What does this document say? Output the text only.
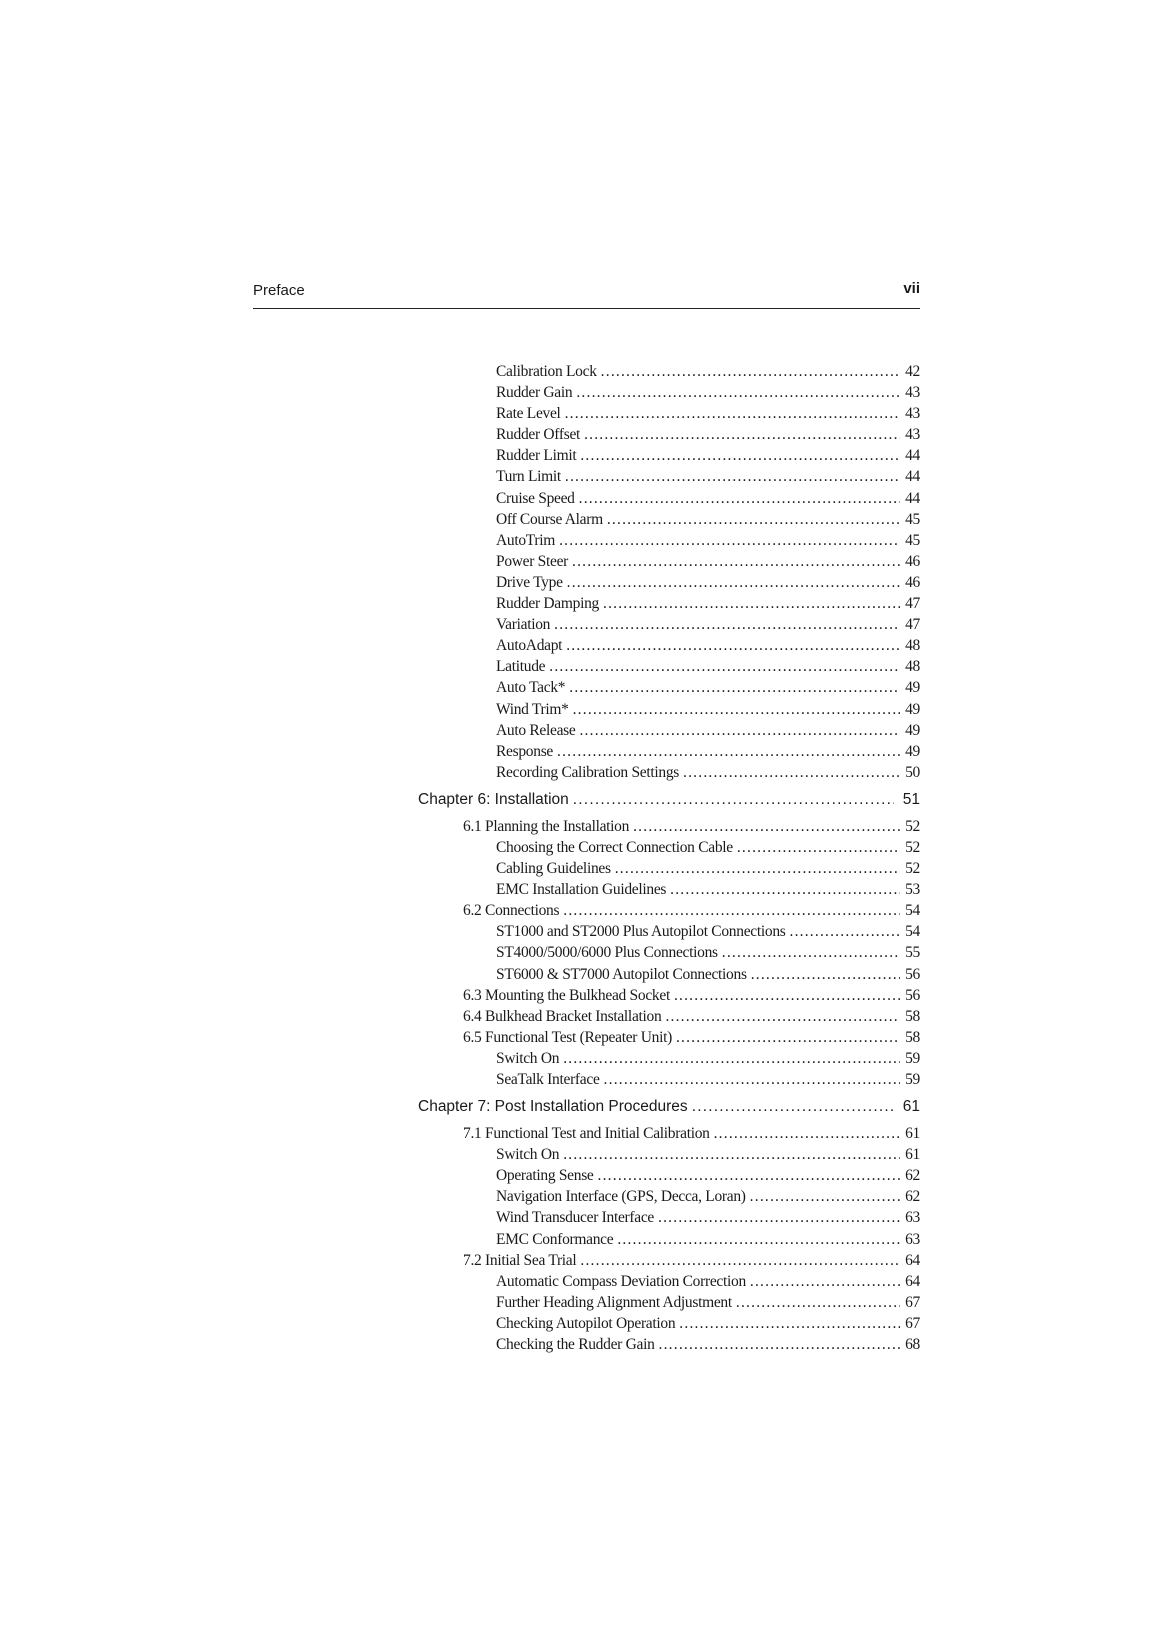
Preface	vii
Calibration Lock .....	42
Rudder Gain .....	43
Rate Level .....	43
Rudder Offset .....	43
Rudder Limit .....	44
Turn Limit .....	44
Cruise Speed .....	44
Off Course Alarm .....	45
AutoTrim .....	45
Power Steer .....	46
Drive Type .....	46
Rudder Damping .....	47
Variation .....	47
AutoAdapt .....	48
Latitude .....	48
Auto Tack* .....	49
Wind Trim* .....	49
Auto Release .....	49
Response .....	49
Recording Calibration Settings .....	50
Chapter 6: Installation .....	51
6.1 Planning the Installation .....	52
Choosing the Correct Connection Cable .....	52
Cabling Guidelines .....	52
EMC Installation Guidelines .....	53
6.2 Connections .....	54
ST1000 and ST2000 Plus Autopilot Connections .....	54
ST4000/5000/6000 Plus Connections .....	55
ST6000 & ST7000 Autopilot Connections .....	56
6.3 Mounting the Bulkhead Socket .....	56
6.4 Bulkhead Bracket Installation .....	58
6.5 Functional Test (Repeater Unit) .....	58
Switch On .....	59
SeaTalk Interface .....	59
Chapter 7: Post Installation Procedures .....	61
7.1 Functional Test and Initial Calibration .....	61
Switch On .....	61
Operating Sense .....	62
Navigation Interface (GPS, Decca, Loran) .....	62
Wind Transducer Interface .....	63
EMC Conformance .....	63
7.2 Initial Sea Trial .....	64
Automatic Compass Deviation Correction .....	64
Further Heading Alignment Adjustment .....	67
Checking Autopilot Operation .....	67
Checking the Rudder Gain .....	68
